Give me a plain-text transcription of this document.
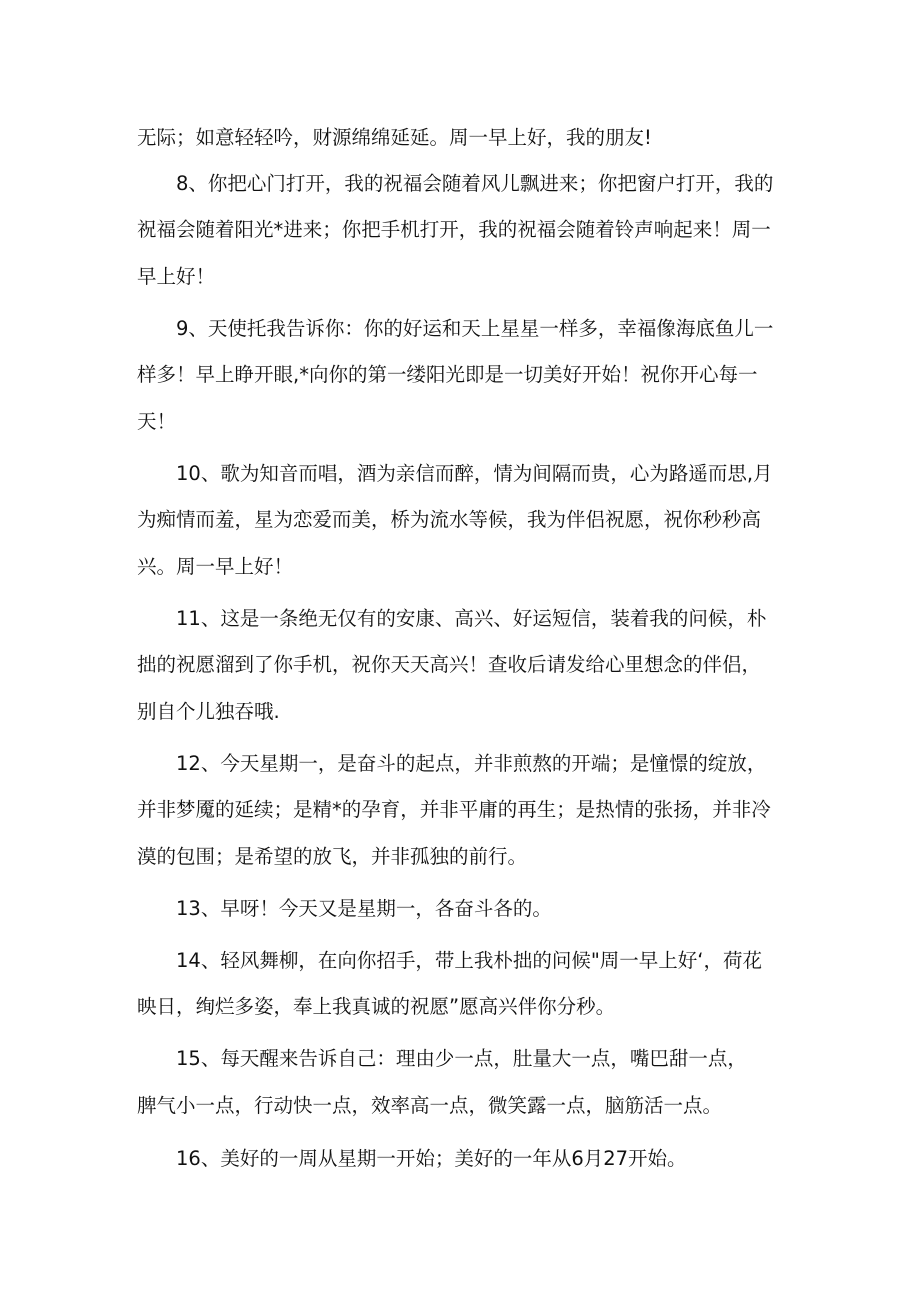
无际；如意轻轻吟，财源绵绵延延。周一早上好，我的朋友!
8、你把心门打开，我的祝福会随着风儿飘进来；你把窗户打开，我的
祝福会随着阳光*进来；你把手机打开，我的祝福会随着铃声响起来！周一
早上好！
9、天使托我告诉你：你的好运和天上星星一样多，幸福像海底鱼儿一
样多！早上睁开眼,*向你的第一缕阳光即是一切美好开始！祝你开心每一
天！
10、歌为知音而唱，酒为亲信而醉，情为间隔而贵，心为路遥而思,月
为痴情而羞，星为恋爱而美，桥为流水等候，我为伴侣祝愿，祝你秒秒高
兴。周一早上好！
11、这是一条绝无仅有的安康、高兴、好运短信，装着我的问候，朴
拙的祝愿溜到了你手机，祝你天天高兴！查收后请发给心里想念的伴侣，
别自个儿独吞哦.
12、今天星期一，是奋斗的起点，并非煎熬的开端；是憧憬的绽放，
并非梦魇的延续；是精*的孕育，并非平庸的再生；是热情的张扬，并非冷
漠的包围；是希望的放飞，并非孤独的前行。
13、早呀！今天又是星期一，各奋斗各的。
14、轻风舞柳，在向你招手，带上我朴拙的问候"周一早上好‘，荷花
映日，绚烂多姿，奉上我真诚的祝愿”愿高兴伴你分秒。
15、每天醒来告诉自己：理由少一点，肚量大一点，嘴巴甜一点，
脾气小一点，行动快一点，效率高一点，微笑露一点，脑筋活一点。
16、美好的一周从星期一开始；美好的一年从6月27开始。
